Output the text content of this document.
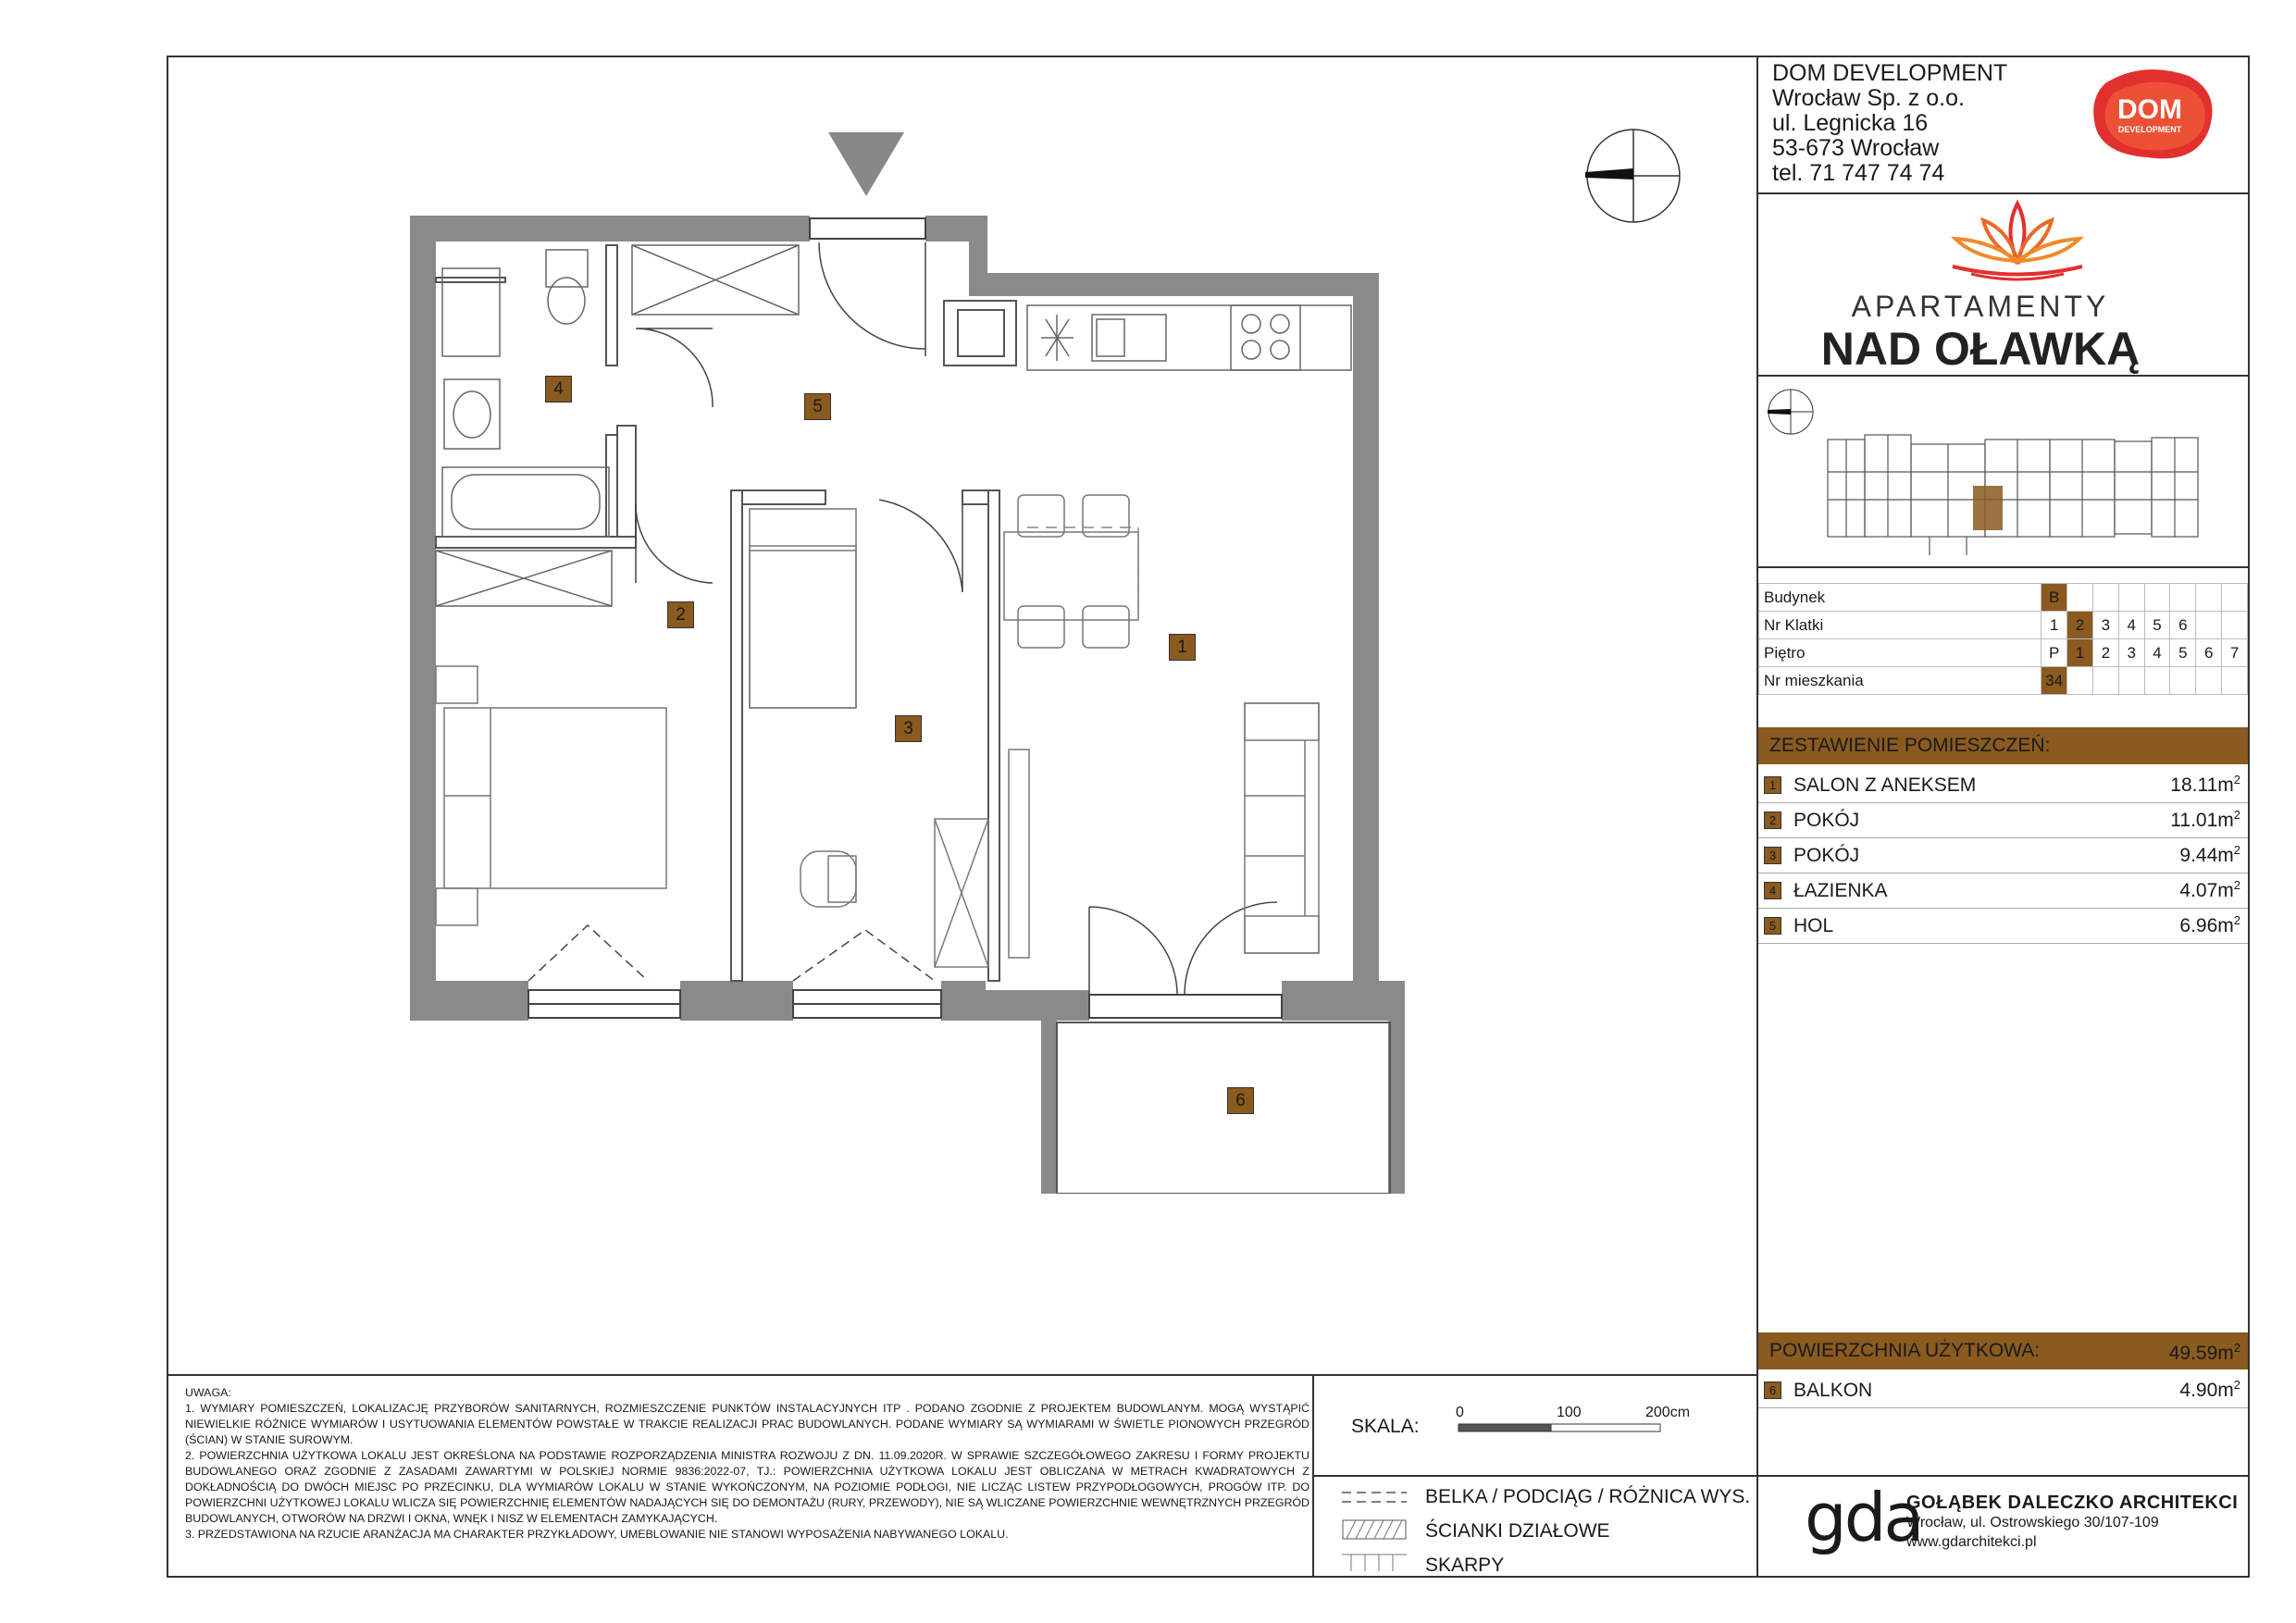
DOM DEVELOPMENT
Wrocław Sp. z o.o.
ul. Legnicka 16
53-673 Wrocław
tel. 71 747 74 74
DOM
DEVELOPMENT
APARTAMENTY
NAD OŁAWKĄ
Budynek	B							
Nr Klatki	1	2	3	4	5	6		
Piętro	P	1	2	3	4	5	6	7
Nr mieszkania	34							
ZESTAWIENIE POMIESZCZEŃ:
1 SALON Z ANEKSEM	$18.11m^2$
2 POKÓJ	$11.01m^2$
3 POKÓJ	$9.44m^2$
4 ŁAZIENKA	$4.07m^2$
5 HOL	$6.96m^2$
POWIERZCHNIA UŻYTKOWA:	$49.59m^2$
6 BALKON	$4.90m^2$
1
2
3
4
5
6

UWAGA:

1. WYMIARY POMIESZCZEŃ, LOKALIZACJĘ PRZYBORÓW SANITARNYCH, ROZMIESZCZENIE PUNKTÓW INSTALACYJNYCH ITP . PODANO ZGODNIE Z PROJEKTEM BUDOWLANYM. MOGĄ WYSTĄPIĆ NIEWIELKIE RÓŻNICE WYMIARÓW I USYTUOWANIA ELEMENTÓW POWSTAŁE W TRAKCIE REALIZACJI PRAC BUDOWLANYCH. PODANE WYMIARY SĄ WYMIARAMI W ŚWIETLE PIONOWYCH PRZEGRÓD (ŚCIAN) W STANIE SUROWYM.

2. POWIERZCHNIA UŻYTKOWA LOKALU JEST OKREŚLONA NA PODSTAWIE ROZPORZĄDZENIA MINISTRA ROZWOJU Z DN. 11.09.2020R. W SPRAWIE SZCZEGÓŁOWEGO ZAKRESU I FORMY PROJEKTU BUDOWLANEGO ORAZ ZGODNIE Z ZASADAMI ZAWARTYMI W POLSKIEJ NORMIE 9836:2022-07, TJ.: POWIERZCHNIA UŻYTKOWA LOKALU JEST OBLICZANA W METRACH KWADRATOWYCH Z DOKŁADNOŚCIĄ DO DWÓCH MIEJSC PO PRZECINKU, DLA WYMIARÓW LOKALU W STANIE WYKOŃCZONYM, NA POZIOMIE PODŁOGI, NIE LICZĄC LISTEW PRZYPODŁOGOWYCH, PROGÓW ITP. DO POWIERZCHNI UŻYTKOWEJ LOKALU WLICZA SIĘ POWIERZCHNIĘ ELEMENTÓW NADAJĄCYCH SIĘ DO DEMONTAŻU (RURY, PRZEWODY), NIE SĄ WLICZANE POWIERZCHNIE WEWNĘTRZNYCH PRZEGRÓD BUDOWLANYCH, OTWORÓW NA DRZWI I OKNA, WNĘK I NISZ W ELEMENTACH ZAMYKAJĄCYCH.

3. PRZEDSTAWIONA NA RZUCIE ARANŻACJA MA CHARAKTER PRZYKŁADOWY, UMEBLOWANIE NIE STANOWI WYPOSAŻENIA NABYWANEGO LOKALU.

SKALA:
0	100	200cm
BELKA / PODCIĄG / RÓŻNICA WYS.
ŚCIANKI DZIAŁOWE
SKARPY
gda
GOŁĄBEK DALECZKO ARCHITEKCI
Wrocław, ul. Ostrowskiego 30/107-109
www.gdarchitekci.pl
